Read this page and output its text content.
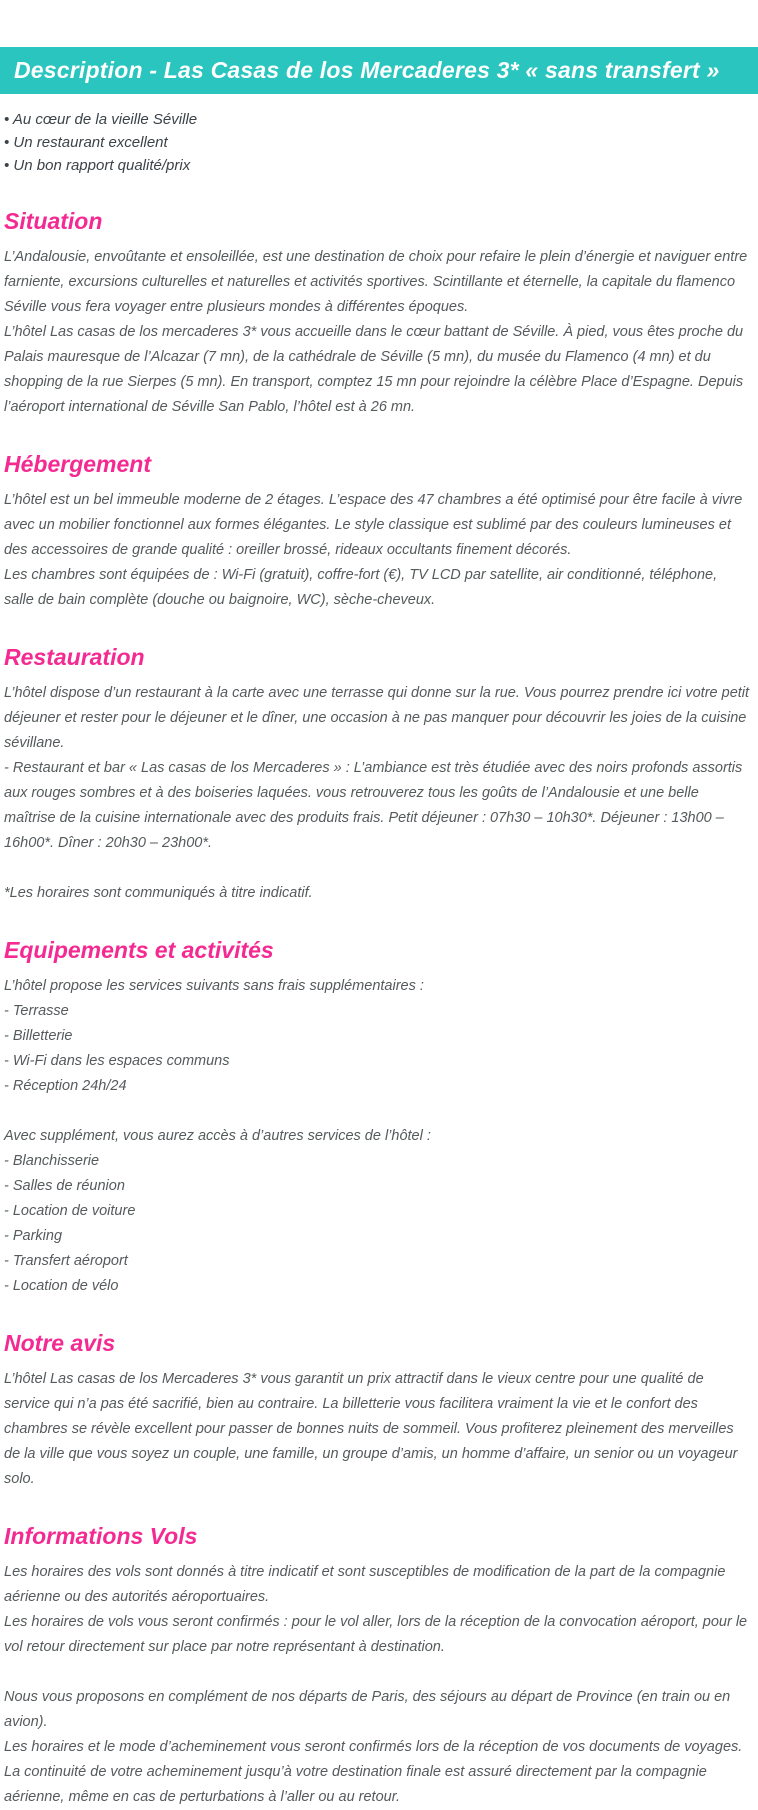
Description - Las Casas de los Mercaderes 3* « sans transfert »
• Au cœur de la vieille Séville
• Un restaurant excellent
• Un bon rapport qualité/prix
Situation

L’Andalousie, envoûtante et ensoleillée, est une destination de choix pour refaire le plein d’énergie et naviguer entre farniente, excursions culturelles et naturelles et activités sportives. Scintillante et éternelle, la capitale du flamenco Séville vous fera voyager entre plusieurs mondes à différentes époques.

L’hôtel Las casas de los mercaderes 3* vous accueille dans le cœur battant de Séville. À pied, vous êtes proche du Palais mauresque de l’Alcazar (7 mn), de la cathédrale de Séville (5 mn), du musée du Flamenco (4 mn) et du shopping de la rue Sierpes (5 mn). En transport, comptez 15 mn pour rejoindre la célèbre Place d’Espagne. Depuis l’aéroport international de Séville San Pablo, l’hôtel est à 26 mn.

Hébergement

L’hôtel est un bel immeuble moderne de 2 étages. L’espace des 47 chambres a été optimisé pour être facile à vivre avec un mobilier fonctionnel aux formes élégantes. Le style classique est sublimé par des couleurs lumineuses et des accessoires de grande qualité : oreiller brossé, rideaux occultants finement décorés.

Les chambres sont équipées de : Wi-Fi (gratuit), coffre-fort (€), TV LCD par satellite, air conditionné, téléphone, salle de bain complète (douche ou baignoire, WC), sèche-cheveux.

Restauration

L’hôtel dispose d’un restaurant à la carte avec une terrasse qui donne sur la rue. Vous pourrez prendre ici votre petit déjeuner et rester pour le déjeuner et le dîner, une occasion à ne pas manquer pour découvrir les joies de la cuisine sévillane.

- Restaurant et bar « Las casas de los Mercaderes » : L’ambiance est très étudiée avec des noirs profonds assortis aux rouges sombres et à des boiseries laquées. vous retrouverez tous les goûts de l’Andalousie et une belle maîtrise de la cuisine internationale avec des produits frais. Petit déjeuner : 07h30 – 10h30*. Déjeuner : 13h00 – 16h00*. Dîner : 20h30 – 23h00*.

*Les horaires sont communiqués à titre indicatif.

Equipements et activités

L’hôtel propose les services suivants sans frais supplémentaires :

- Terrasse

- Billetterie

- Wi-Fi dans les espaces communs

- Réception 24h/24

Avec supplément, vous aurez accès à d’autres services de l’hôtel :

- Blanchisserie

- Salles de réunion

- Location de voiture

- Parking

- Transfert aéroport

- Location de vélo

Notre avis

L’hôtel Las casas de los Mercaderes 3* vous garantit un prix attractif dans le vieux centre pour une qualité de service qui n’a pas été sacrifié, bien au contraire. La billetterie vous facilitera vraiment la vie et le confort des chambres se révèle excellent pour passer de bonnes nuits de sommeil. Vous profiterez pleinement des merveilles de la ville que vous soyez un couple, une famille, un groupe d’amis, un homme d’affaire, un senior ou un voyageur solo.

Informations Vols

Les horaires des vols sont donnés à titre indicatif et sont susceptibles de modification de la part de la compagnie aérienne ou des autorités aéroportuaires.

Les horaires de vols vous seront confirmés : pour le vol aller, lors de la réception de la convocation aéroport, pour le vol retour directement sur place par notre représentant à destination.

Nous vous proposons en complément de nos départs de Paris, des séjours au départ de Province (en train ou en avion).

Les horaires et le mode d’acheminement vous seront confirmés lors de la réception de vos documents de voyages.

La continuité de votre acheminement jusqu’à votre destination finale est assuré directement par la compagnie aérienne, même en cas de perturbations à l’aller ou au retour.
